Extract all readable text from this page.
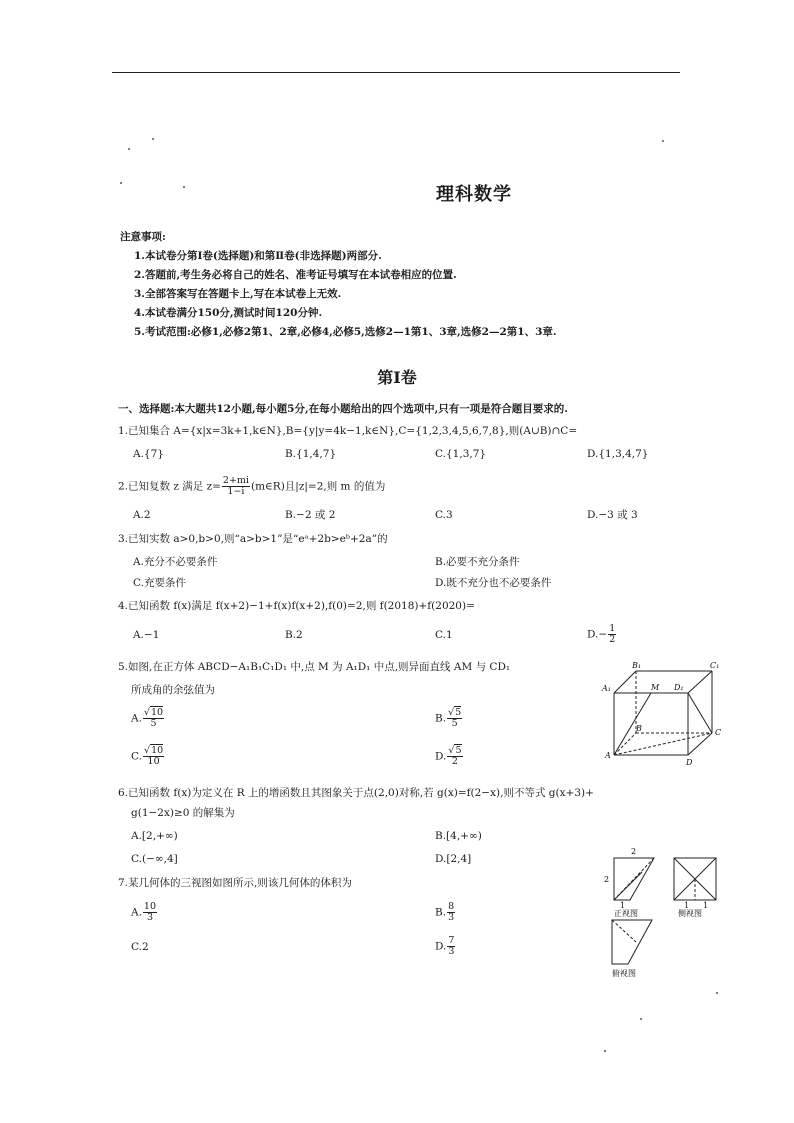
理科数学
注意事项:
1.本试卷分第Ⅰ卷(选择题)和第Ⅱ卷(非选择题)两部分.
2.答题前,考生务必将自己的姓名、准考证号填写在本试卷相应的位置.
3.全部答案写在答题卡上,写在本试卷上无效.
4.本试卷满分150分,测试时间120分钟.
5.考试范围:必修1,必修2第1、2章,必修4,必修5,选修2—1第1、3章,选修2—2第1、3章.
第Ⅰ卷
一、选择题:本大题共12小题,每小题5分,在每小题给出的四个选项中,只有一项是符合题目要求的.
1.已知集合 A={x|x=3k+1,k∈N},B={y|y=4k−1,k∈N},C={1,2,3,4,5,6,7,8},则(A∪B)∩C=
A.{7}	B.{1,4,7}	C.{1,3,7}	D.{1,3,4,7}
2.已知复数 z 满足 $z= \frac{2+mi}{1-i}$ (m∈R)且|z|=2,则 m 的值为
A.2	B.−2 或 2	C.3	D.−3 或 3
3.已知实数 a>0,b>0,则“a>b>1”是“eᵃ+2b>eᵇ+2a”的
A.充分不必要条件	B.必要不充分条件
C.充要条件	D.既不充分也不必要条件
4.已知函数 f(x)满足 f(x+2)−1+f(x)f(x+2),f(0)=2,则 f(2018)+f(2020)=
A.−1	B.2	C.1	$D.- \frac{1}{2}$
5.如图,在正方体 ABCD−A₁B₁C₁D₁ 中,点 M 为 A₁D₁ 中点,则异面直线 AM 与 CD₁
所成角的余弦值为
A. $\frac{√10}{5}$	B. $\frac{√5}{5}$
C. $\frac{√10}{10}$	D. $\frac{√5}{2}$
B₁	C₁
A₁	M D₁
B
A
C
D
6.已知函数 f(x)为定义在 R 上的增函数且其图象关于点(2,0)对称,若 g(x)=f(2−x),则不等式 g(x+3)+
g(1−2x)≥0 的解集为
A.[2,+∞)	B.[4,+∞)
C.(−∞,4]	D.[2,4]
7.某几何体的三视图如图所示,则该几何体的体积为
A. $\frac{10}{3}$	B. $\frac{8}{3}$
C.2	D. $\frac{7}{3}$
2
2
1	1 1
正视图	侧视图
俯视图
